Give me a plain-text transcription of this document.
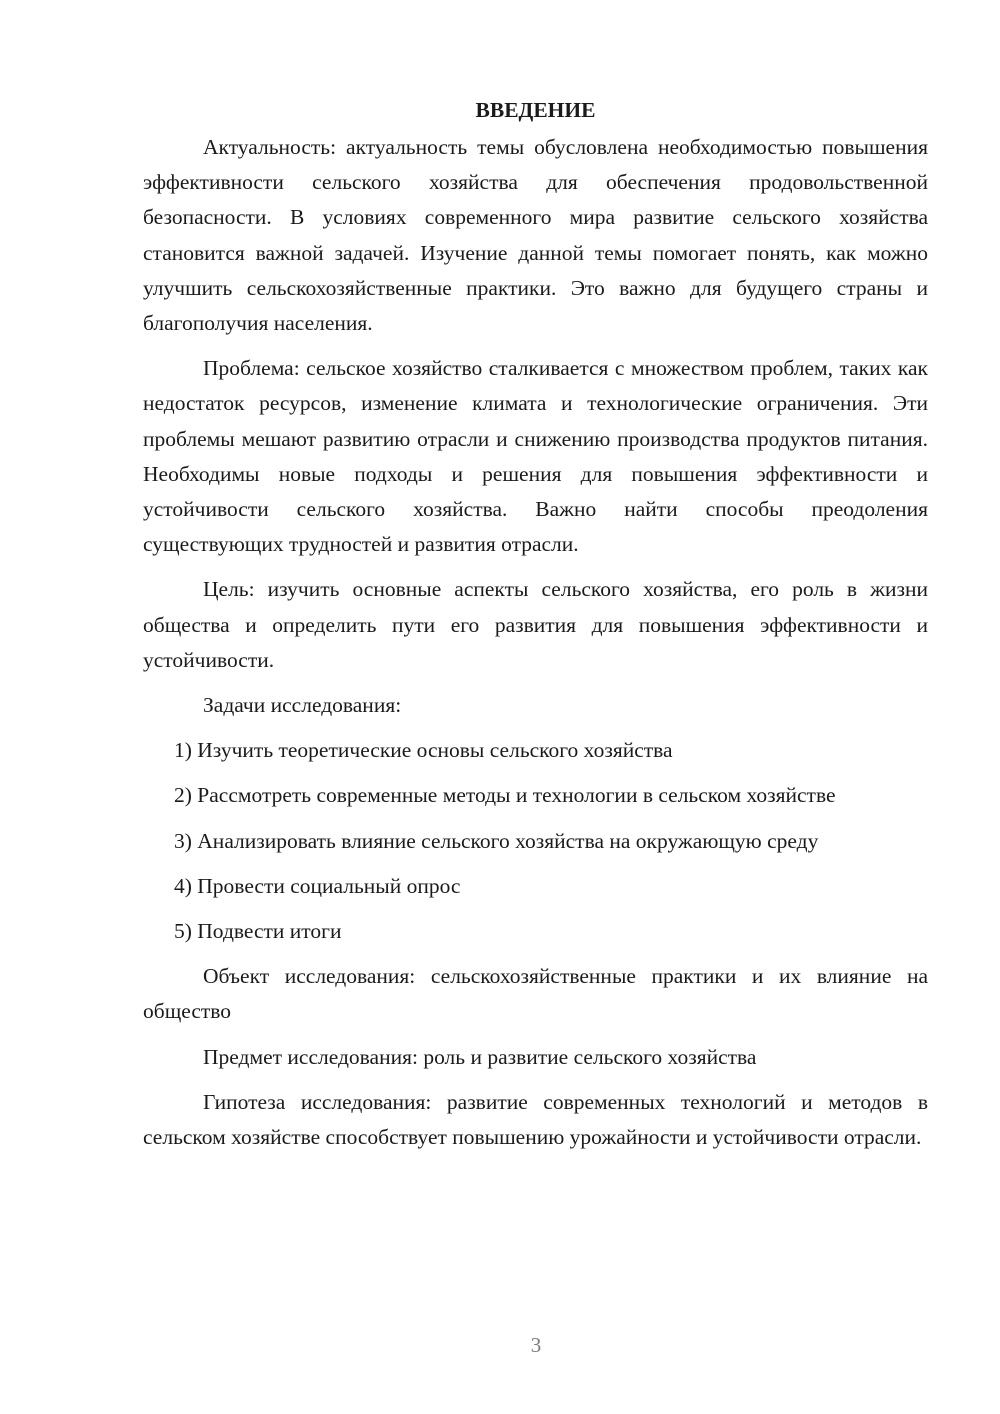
ВВЕДЕНИЕ

Актуальность: актуальность темы обусловлена необходимостью повышения эффективности сельского хозяйства для обеспечения продовольственной безопасности. В условиях современного мира развитие сельского хозяйства становится важной задачей. Изучение данной темы помогает понять, как можно улучшить сельскохозяйственные практики. Это важно для будущего страны и благополучия населения.

Проблема: сельское хозяйство сталкивается с множеством проблем, таких как недостаток ресурсов, изменение климата и технологические ограничения. Эти проблемы мешают развитию отрасли и снижению производства продуктов питания. Необходимы новые подходы и решения для повышения эффективности и устойчивости сельского хозяйства. Важно найти способы преодоления существующих трудностей и развития отрасли.

Цель: изучить основные аспекты сельского хозяйства, его роль в жизни общества и определить пути его развития для повышения эффективности и устойчивости.

Задачи исследования:

1) Изучить теоретические основы сельского хозяйства

2) Рассмотреть современные методы и технологии в сельском хозяйстве

3) Анализировать влияние сельского хозяйства на окружающую среду

4) Провести социальный опрос

5) Подвести итоги

Объект исследования: сельскохозяйственные практики и их влияние на общество

Предмет исследования: роль и развитие сельского хозяйства

Гипотеза исследования: развитие современных технологий и методов в сельском хозяйстве способствует повышению урожайности и устойчивости отрасли.

3
